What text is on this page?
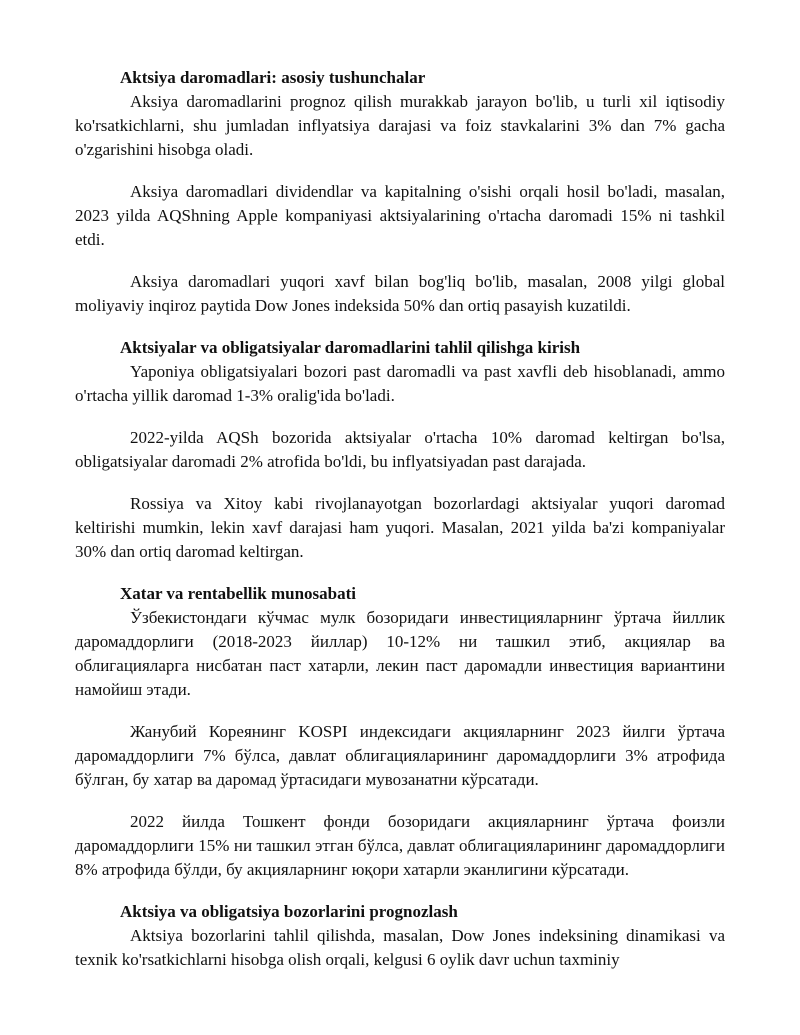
Aktsiya daromadlari: asosiy tushunchalar

Aksiya daromadlarini prognoz qilish murakkab jarayon bo'lib, u turli xil iqtisodiy ko'rsatkichlarni, shu jumladan inflyatsiya darajasi va foiz stavkalarini 3% dan 7% gacha o'zgarishini hisobga oladi.

Aksiya daromadlari dividendlar va kapitalning o'sishi orqali hosil bo'ladi, masalan, 2023 yilda AQShning Apple kompaniyasi aktsiyalarining o'rtacha daromadi 15% ni tashkil etdi.

Aksiya daromadlari yuqori xavf bilan bog'liq bo'lib, masalan, 2008 yilgi global moliyaviy inqiroz paytida Dow Jones indeksida 50% dan ortiq pasayish kuzatildi.

Aktsiyalar va obligatsiyalar daromadlarini tahlil qilishga kirish

Yaponiya obligatsiyalari bozori past daromadli va past xavfli deb hisoblanadi, ammo o'rtacha yillik daromad 1-3% oralig'ida bo'ladi.

2022-yilda AQSh bozorida aktsiyalar o'rtacha 10% daromad keltirgan bo'lsa, obligatsiyalar daromadi 2% atrofida bo'ldi, bu inflyatsiyadan past darajada.

Rossiya va Xitoy kabi rivojlanayotgan bozorlardagi aktsiyalar yuqori daromad keltirishi mumkin, lekin xavf darajasi ham yuqori. Masalan, 2021 yilda ba'zi kompaniyalar 30% dan ortiq daromad keltirgan.

Xatar va rentabellik munosabati

Ўзбекистондаги кўчмас мулк бозоридаги инвестицияларнинг ўртача йиллик даромаддорлиги (2018-2023 йиллар) 10-12% ни ташкил этиб, акциялар ва облигацияларга нисбатан паст хатарли, лекин паст даромадли инвестиция вариантини намойиш этади.

Жанубий Кореянинг KOSPI индексидаги акцияларнинг 2023 йилги ўртача даромаддорлиги 7% бўлса, давлат облигацияларининг даромаддорлиги 3% атрофида бўлган, бу хатар ва даромад ўртасидаги мувозанатни кўрсатади.

2022 йилда Тошкент фонди бозоридаги акцияларнинг ўртача фоизли даромаддорлиги 15% ни ташкил этган бўлса, давлат облигацияларининг даромаддорлиги 8% атрофида бўлди, бу акцияларнинг юқори хатарли эканлигини кўрсатади.

Aktsiya va obligatsiya bozorlarini prognozlash

Aktsiya bozorlarini tahlil qilishda, masalan, Dow Jones indeksining dinamikasi va texnik ko'rsatkichlarni hisobga olish orqali, kelgusi 6 oylik davr uchun taxminiy
